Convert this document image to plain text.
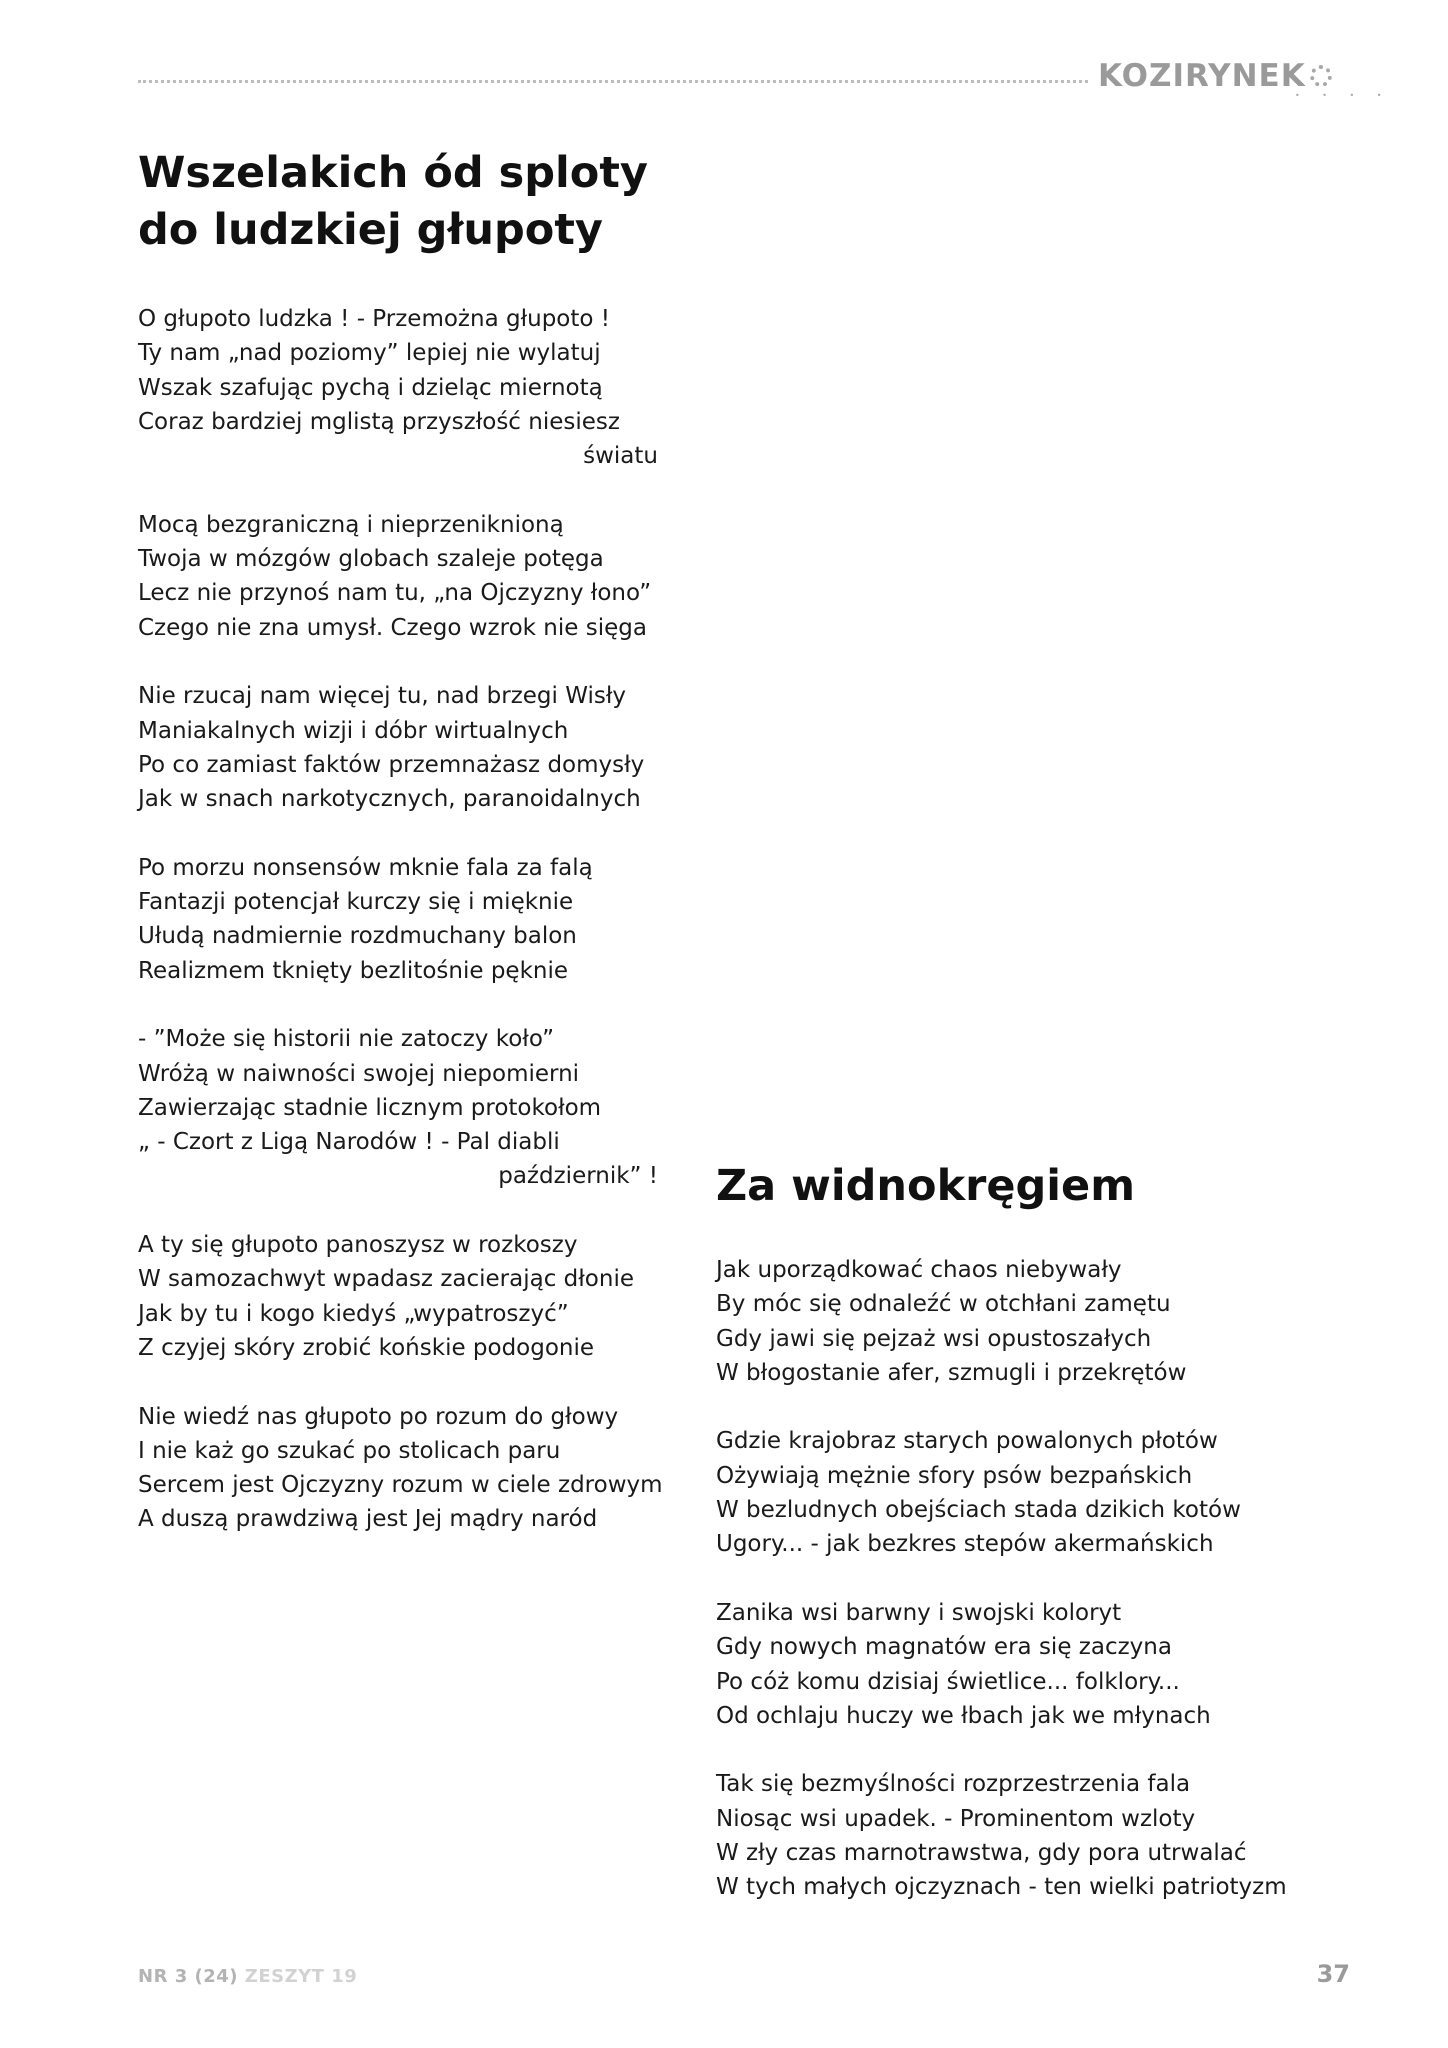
KOZIRYNEK
• • • •
Wszelakich ód sploty
do ludzkiej głupoty
O głupoto ludzka ! - Przemożna głupoto !
Ty nam „nad poziomy” lepiej nie wylatuj
Wszak szafując pychą i dzieląc miernotą
Coraz bardziej mglistą przyszłość niesiesz
światu
Mocą bezgraniczną i nieprzeniknioną
Twoja w mózgów globach szaleje potęga
Lecz nie przynoś nam tu, „na Ojczyzny łono”
Czego nie zna umysł. Czego wzrok nie sięga
Nie rzucaj nam więcej tu, nad brzegi Wisły
Maniakalnych wizji i dóbr wirtualnych
Po co zamiast faktów przemnażasz domysły
Jak w snach narkotycznych, paranoidalnych
Po morzu nonsensów mknie fala za falą
Fantazji potencjał kurczy się i mięknie
Ułudą nadmiernie rozdmuchany balon
Realizmem tknięty bezlitośnie pęknie
- ”Może się historii nie zatoczy koło”
Wróżą w naiwności swojej niepomierni
Zawierzając stadnie licznym protokołom
„ - Czort z Ligą Narodów ! - Pal diabli
październik” !
A ty się głupoto panoszysz w rozkoszy
W samozachwyt wpadasz zacierając dłonie
Jak by tu i kogo kiedyś „wypatroszyć”
Z czyjej skóry zrobić końskie podogonie
Nie wiedź nas głupoto po rozum do głowy
I nie każ go szukać po stolicach paru
Sercem jest Ojczyzny rozum w ciele zdrowym
A duszą prawdziwą jest Jej mądry naród
Za widnokręgiem
Jak uporządkować chaos niebywały
By móc się odnaleźć w otchłani zamętu
Gdy jawi się pejzaż wsi opustoszałych
W błogostanie afer, szmugli i przekrętów
Gdzie krajobraz starych powalonych płotów
Ożywiają mężnie sfory psów bezpańskich
W bezludnych obejściach stada dzikich kotów
Ugory... - jak bezkres stepów akermańskich
Zanika wsi barwny i swojski koloryt
Gdy nowych magnatów era się zaczyna
Po cóż komu dzisiaj świetlice... folklory...
Od ochlaju huczy we łbach jak we młynach
Tak się bezmyślności rozprzestrzenia fala
Niosąc wsi upadek. - Prominentom wzloty
W zły czas marnotrawstwa, gdy pora utrwalać
W tych małych ojczyznach - ten wielki patriotyzm
NR 3 (24) ZESZYT 19	37
